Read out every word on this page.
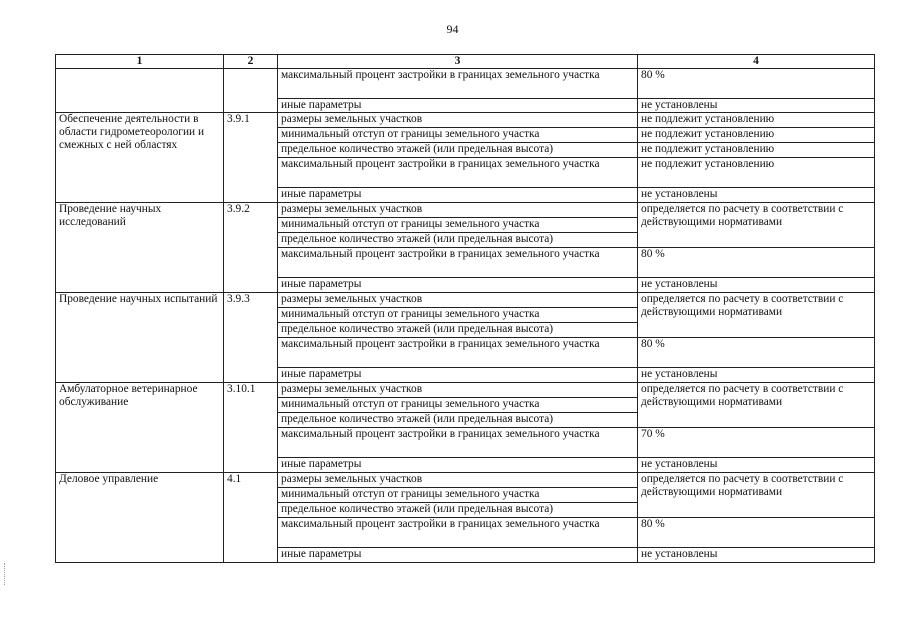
94
1	2	3	4
		максимальный процент застройки в границах земельного участка	80 %
		иные параметры	не установлены
Обеспечение деятельности в области гидрометеорологии и смежных с ней областях	3.9.1	размеры земельных участков	не подлежит установлению
		минимальный отступ от границы земельного участка	не подлежит установлению
		предельное количество этажей (или предельная высота)	не подлежит установлению
		максимальный процент застройки в границах земельного участка	не подлежит установлению
		иные параметры	не установлены
Проведение научных исследований	3.9.2	размеры земельных участков	определяется по расчету в соответствии с действующими нормативами
		минимальный отступ от границы земельного участка	
		предельное количество этажей (или предельная высота)	
		максимальный процент застройки в границах земельного участка	80 %
		иные параметры	не установлены
Проведение научных испытаний	3.9.3	размеры земельных участков	определяется по расчету в соответствии с действующими нормативами
		минимальный отступ от границы земельного участка	
		предельное количество этажей (или предельная высота)	
		максимальный процент застройки в границах земельного участка	80 %
		иные параметры	не установлены
Амбулаторное ветеринарное обслуживание	3.10.1	размеры земельных участков	определяется по расчету в соответствии с действующими нормативами
		минимальный отступ от границы земельного участка	
		предельное количество этажей (или предельная высота)	
		максимальный процент застройки в границах земельного участка	70 %
		иные параметры	не установлены
Деловое управление	4.1	размеры земельных участков	определяется по расчету в соответствии с действующими нормативами
		минимальный отступ от границы земельного участка	
		предельное количество этажей (или предельная высота)	
		максимальный процент застройки в границах земельного участка	80 %
		иные параметры	не установлены
